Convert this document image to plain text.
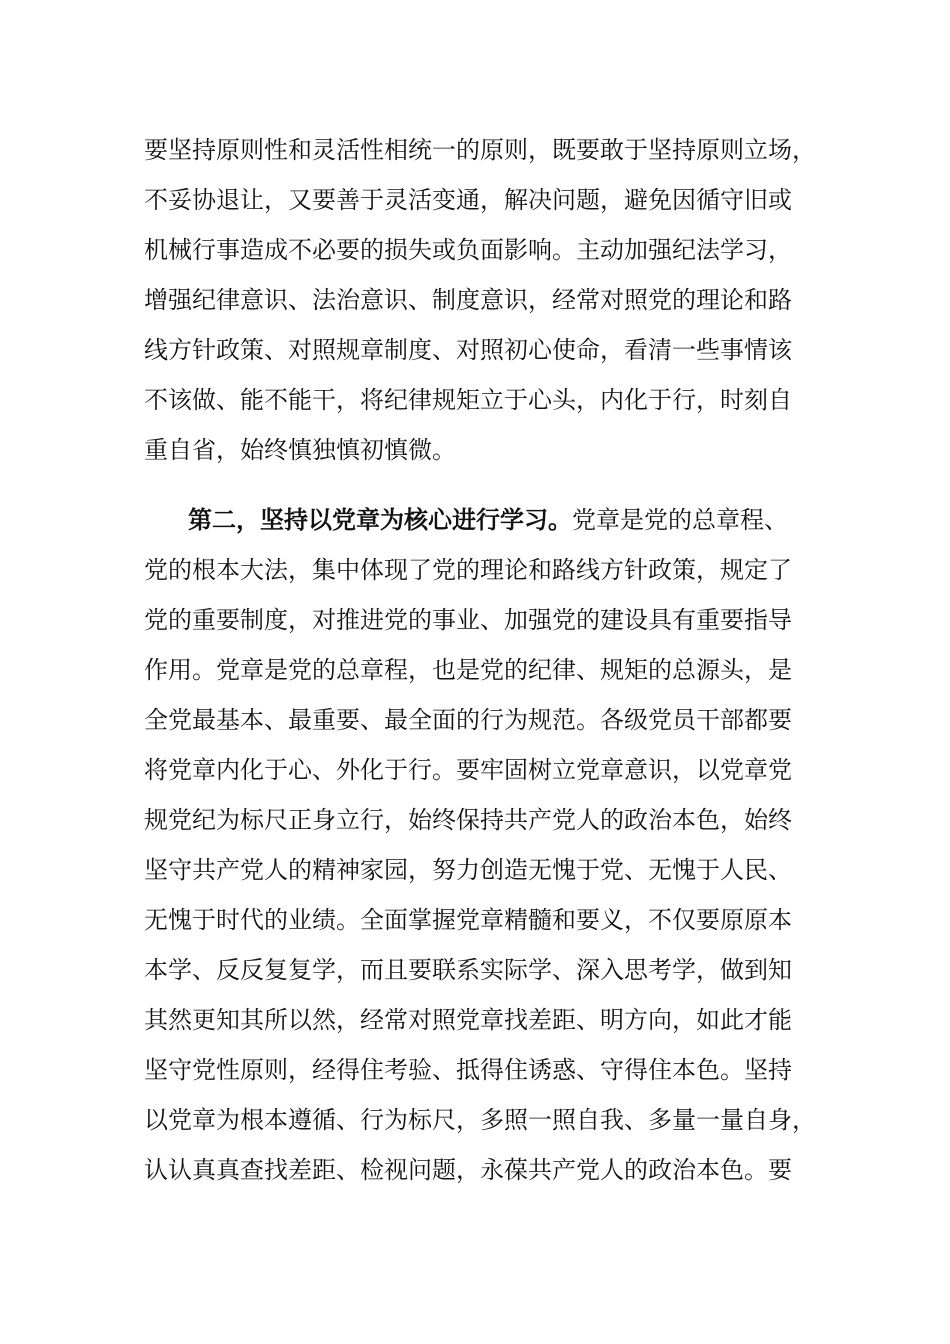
要坚持原则性和灵活性相统一的原则，既要敢于坚持原则立场，
不妥协退让，又要善于灵活变通，解决问题，避免因循守旧或
机械行事造成不必要的损失或负面影响。主动加强纪法学习，
增强纪律意识、法治意识、制度意识，经常对照党的理论和路
线方针政策、对照规章制度、对照初心使命，看清一些事情该
不该做、能不能干，将纪律规矩立于心头，内化于行，时刻自
重自省，始终慎独慎初慎微。
第二，坚持以党章为核心进行学习。党章是党的总章程、
党的根本大法，集中体现了党的理论和路线方针政策，规定了
党的重要制度，对推进党的事业、加强党的建设具有重要指导
作用。党章是党的总章程，也是党的纪律、规矩的总源头，是
全党最基本、最重要、最全面的行为规范。各级党员干部都要
将党章内化于心、外化于行。要牢固树立党章意识，以党章党
规党纪为标尺正身立行，始终保持共产党人的政治本色，始终
坚守共产党人的精神家园，努力创造无愧于党、无愧于人民、
无愧于时代的业绩。全面掌握党章精髓和要义，不仅要原原本
本学、反反复复学，而且要联系实际学、深入思考学，做到知
其然更知其所以然，经常对照党章找差距、明方向，如此才能
坚守党性原则，经得住考验、抵得住诱惑、守得住本色。坚持
以党章为根本遵循、行为标尺，多照一照自我、多量一量自身，
认认真真查找差距、检视问题，永葆共产党人的政治本色。要
